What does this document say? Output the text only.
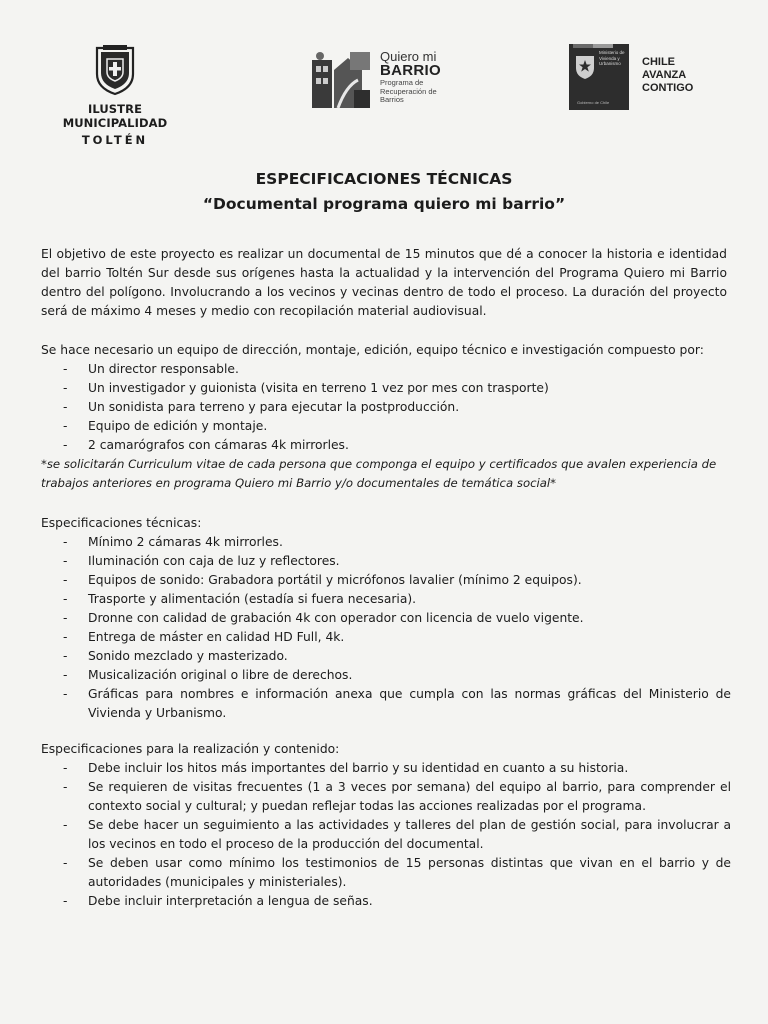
ILUSTRE MUNICIPALIDAD
TOLTÉN
Quiero mi
BARRIO
Programa de
Recuperación de
Barrios
Ministerio de
Vivienda y
Urbanismo
Gobierno de Chile
CHILE
AVANZA
CONTIGO
ESPECIFICACIONES TÉCNICAS
“Documental programa quiero mi barrio”
El objetivo de este proyecto es realizar un documental de 15 minutos que dé a conocer la historia e identidad
del barrio Toltén Sur desde sus orígenes hasta la actualidad y la intervención del Programa Quiero mi Barrio
dentro del polígono. Involucrando a los vecinos y vecinas dentro de todo el proceso. La duración del proyecto
será de máximo 4 meses y medio con recopilación material audiovisual.
Se hace necesario un equipo de dirección, montaje, edición, equipo técnico e investigación compuesto por:
- Un director responsable.
- Un investigador y guionista (visita en terreno 1 vez por mes con trasporte)
- Un sonidista para terreno y para ejecutar la postproducción.
- Equipo de edición y montaje.
- 2 camarógrafos con cámaras 4k mirrorles.
*se solicitarán Curriculum vitae de cada persona que componga el equipo y certificados que avalen experiencia de trabajos anteriores en programa Quiero mi Barrio y/o documentales de temática social*
Especificaciones técnicas:
- Mínimo 2 cámaras 4k mirrorles.
- Iluminación con caja de luz y reflectores.
- Equipos de sonido: Grabadora portátil y micrófonos lavalier (mínimo 2 equipos).
- Trasporte y alimentación (estadía si fuera necesaria).
- Dronne con calidad de grabación 4k con operador con licencia de vuelo vigente.
- Entrega de máster en calidad HD Full, 4k.
- Sonido mezclado y masterizado.
- Musicalización original o libre de derechos.
- Gráficas para nombres e información anexa que cumpla con las normas gráficas del Ministerio de Vivienda y Urbanismo.
Especificaciones para la realización y contenido:
- Debe incluir los hitos más importantes del barrio y su identidad en cuanto a su historia.
- Se requieren de visitas frecuentes (1 a 3 veces por semana) del equipo al barrio, para comprender el contexto social y cultural; y puedan reflejar todas las acciones realizadas por el programa.
- Se debe hacer un seguimiento a las actividades y talleres del plan de gestión social, para involucrar a los vecinos en todo el proceso de la producción del documental.
- Se deben usar como mínimo los testimonios de 15 personas distintas que vivan en el barrio y de autoridades (municipales y ministeriales).
- Debe incluir interpretación a lengua de señas.
